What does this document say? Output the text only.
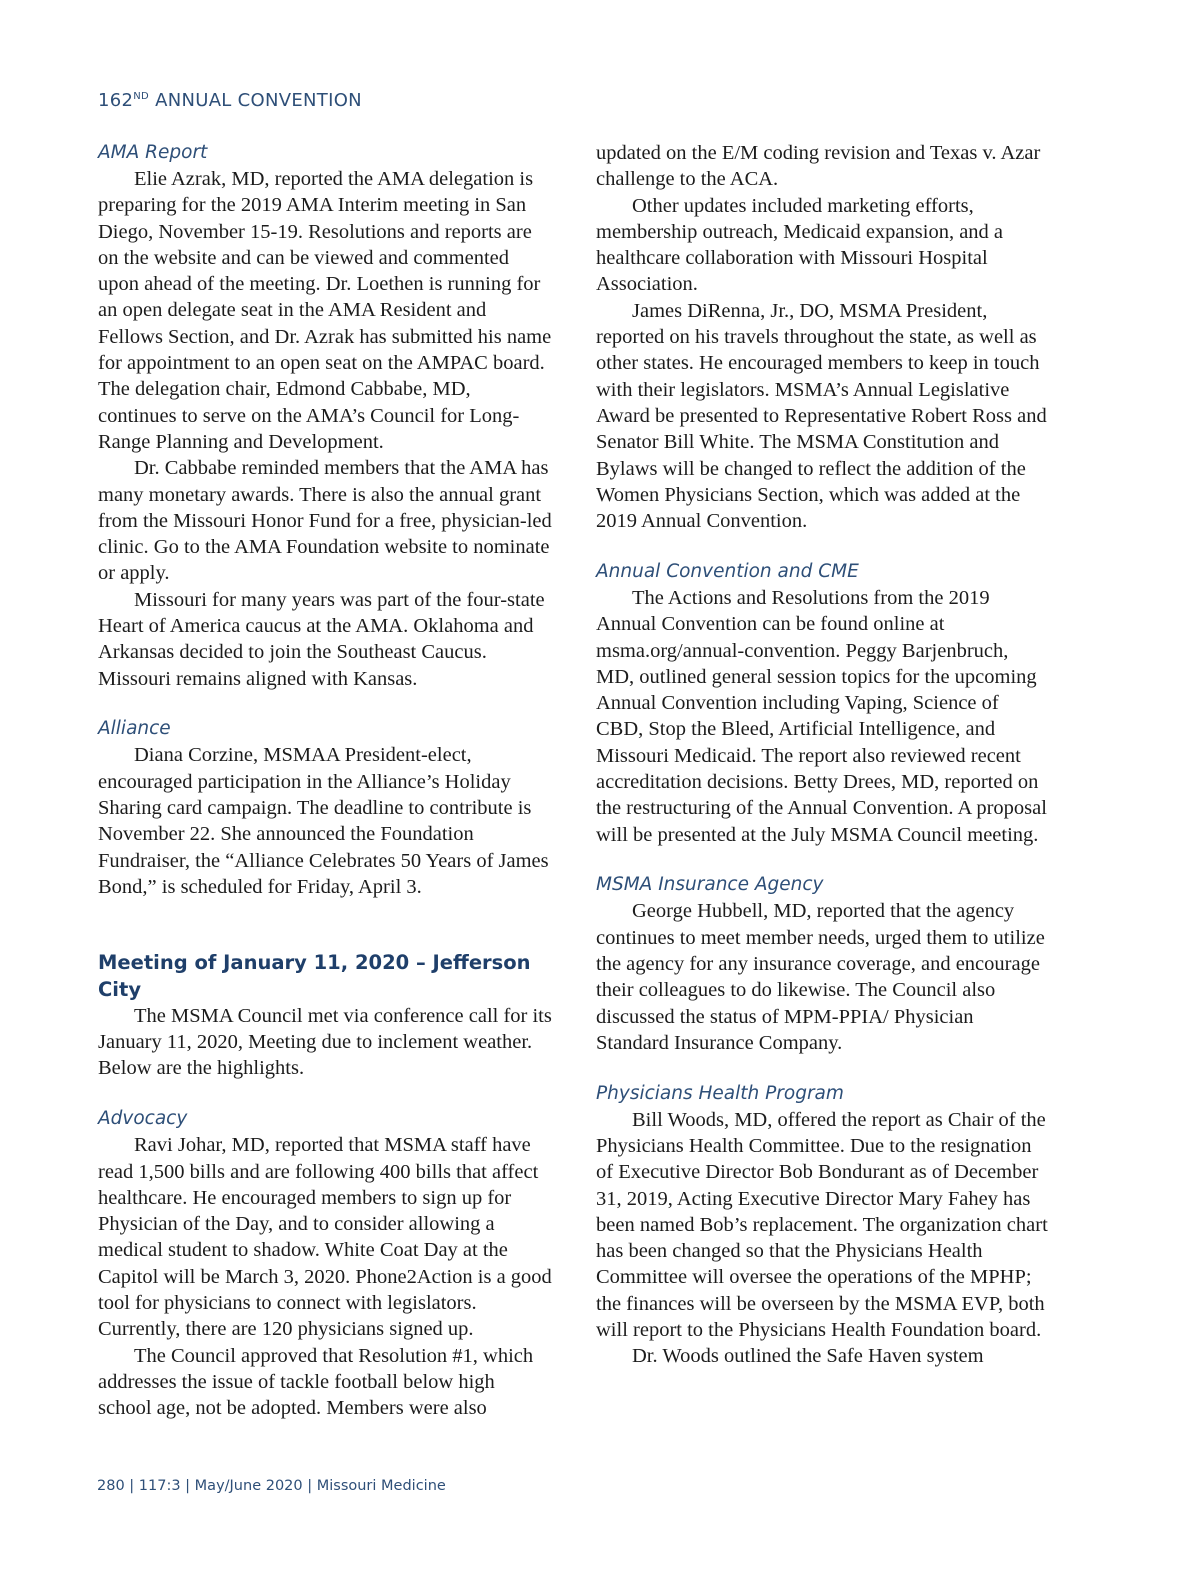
162ND ANNUAL CONVENTION
AMA Report

Elie Azrak, MD, reported the AMA delegation is preparing for the 2019 AMA Interim meeting in San Diego, November 15-19. Resolutions and reports are on the website and can be viewed and commented upon ahead of the meeting. Dr. Loethen is running for an open delegate seat in the AMA Resident and Fellows Section, and Dr. Azrak has submitted his name for appointment to an open seat on the AMPAC board. The delegation chair, Edmond Cabbabe, MD, continues to serve on the AMA’s Council for Long-Range Planning and Development.

Dr. Cabbabe reminded members that the AMA has many monetary awards. There is also the annual grant from the Missouri Honor Fund for a free, physician-led clinic. Go to the AMA Foundation website to nominate or apply.

Missouri for many years was part of the four-state Heart of America caucus at the AMA. Oklahoma and Arkansas decided to join the Southeast Caucus. Missouri remains aligned with Kansas.

Alliance

Diana Corzine, MSMAA President-elect, encouraged participation in the Alliance’s Holiday Sharing card campaign. The deadline to contribute is November 22. She announced the Foundation Fundraiser, the “Alliance Celebrates 50 Years of James Bond,” is scheduled for Friday, April 3.

Meeting of January 11, 2020 – Jefferson City

The MSMA Council met via conference call for its January 11, 2020, Meeting due to inclement weather. Below are the highlights.

Advocacy

Ravi Johar, MD, reported that MSMA staff have read 1,500 bills and are following 400 bills that affect healthcare. He encouraged members to sign up for Physician of the Day, and to consider allowing a medical student to shadow. White Coat Day at the Capitol will be March 3, 2020. Phone2Action is a good tool for physicians to connect with legislators. Currently, there are 120 physicians signed up.

The Council approved that Resolution #1, which addresses the issue of tackle football below high school age, not be adopted. Members were also

updated on the E/M coding revision and Texas v. Azar challenge to the ACA.

Other updates included marketing efforts, membership outreach, Medicaid expansion, and a healthcare collaboration with Missouri Hospital Association.

James DiRenna, Jr., DO, MSMA President, reported on his travels throughout the state, as well as other states. He encouraged members to keep in touch with their legislators. MSMA’s Annual Legislative Award be presented to Representative Robert Ross and Senator Bill White. The MSMA Constitution and Bylaws will be changed to reflect the addition of the Women Physicians Section, which was added at the 2019 Annual Convention.

Annual Convention and CME

The Actions and Resolutions from the 2019 Annual Convention can be found online at msma.org/annual-convention. Peggy Barjenbruch, MD, outlined general session topics for the upcoming Annual Convention including Vaping, Science of CBD, Stop the Bleed, Artificial Intelligence, and Missouri Medicaid. The report also reviewed recent accreditation decisions. Betty Drees, MD, reported on the restructuring of the Annual Convention. A proposal will be presented at the July MSMA Council meeting.

MSMA Insurance Agency

George Hubbell, MD, reported that the agency continues to meet member needs, urged them to utilize the agency for any insurance coverage, and encourage their colleagues to do likewise. The Council also discussed the status of MPM-PPIA/ Physician Standard Insurance Company.

Physicians Health Program

Bill Woods, MD, offered the report as Chair of the Physicians Health Committee. Due to the resignation of Executive Director Bob Bondurant as of December 31, 2019, Acting Executive Director Mary Fahey has been named Bob’s replacement. The organization chart has been changed so that the Physicians Health Committee will oversee the operations of the MPHP; the finances will be overseen by the MSMA EVP, both will report to the Physicians Health Foundation board.

Dr. Woods outlined the Safe Haven system

280 | 117:3 | May/June 2020 | Missouri Medicine
